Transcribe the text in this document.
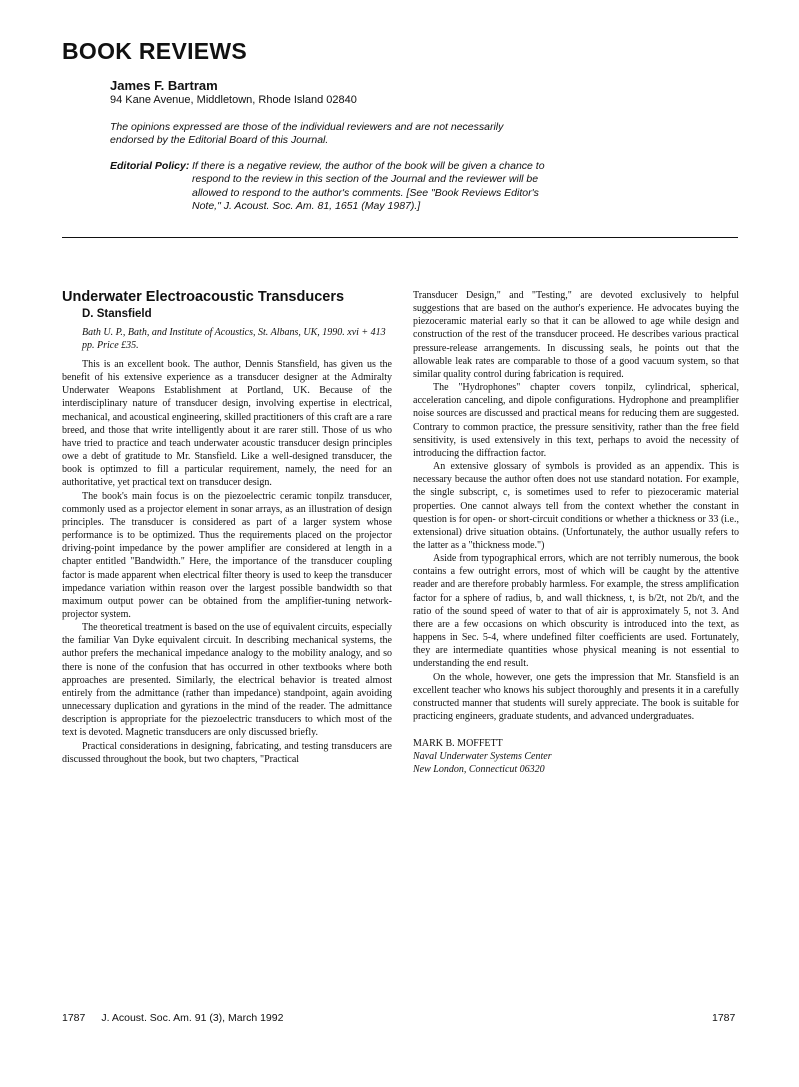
BOOK REVIEWS
James F. Bartram
94 Kane Avenue, Middletown, Rhode Island 02840
The opinions expressed are those of the individual reviewers and are not necessarily endorsed by the Editorial Board of this Journal.
Editorial Policy: If there is a negative review, the author of the book will be given a chance to respond to the review in this section of the Journal and the reviewer will be allowed to respond to the author's comments. [See "Book Reviews Editor's Note," J. Acoust. Soc. Am. 81, 1651 (May 1987).]
Underwater Electroacoustic Transducers
D. Stansfield
Bath U. P., Bath, and Institute of Acoustics, St. Albans, UK, 1990. xvi + 413 pp. Price £35.

This is an excellent book. The author, Dennis Stansfield, has given us the benefit of his extensive experience as a transducer designer at the Admiralty Underwater Weapons Establishment at Portland, UK. Because of the interdisciplinary nature of transducer design, involving expertise in electrical, mechanical, and acoustical engineering, skilled practitioners of this craft are a rare breed, and those that write intelligently about it are rarer still. Those of us who have tried to practice and teach underwater acoustic transducer design principles owe a debt of gratitude to Mr. Stansfield. Like a well-designed transducer, the book is optimzed to fill a particular requirement, namely, the need for an authoritative, yet practical text on transducer design.

The book's main focus is on the piezoelectric ceramic tonpilz transducer, commonly used as a projector element in sonar arrays, as an illustration of design principles. The transducer is considered as part of a larger system whose performance is to be optimized. Thus the requirements placed on the projector driving-point impedance by the power amplifier are considered at length in a chapter entitled "Bandwidth." Here, the importance of the transducer coupling factor is made apparent when electrical filter theory is used to keep the transducer impedance variation within reason over the largest possible bandwidth so that maximum output power can be obtained from the amplifier-tuning network-projector system.

The theoretical treatment is based on the use of equivalent circuits, especially the familiar Van Dyke equivalent circuit. In describing mechanical systems, the author prefers the mechanical impedance analogy to the mobility analogy, and so there is none of the confusion that has occurred in other textbooks where both approaches are presented. Similarly, the electrical behavior is treated almost entirely from the admittance (rather than impedance) standpoint, again avoiding unnecessary duplication and gyrations in the mind of the reader. The admittance description is appropriate for the piezoelectric transducers to which most of the text is devoted. Magnetic transducers are only discussed briefly.

Practical considerations in designing, fabricating, and testing transducers are discussed throughout the book, but two chapters, "Practical

Transducer Design," and "Testing," are devoted exclusively to helpful suggestions that are based on the author's experience. He advocates buying the piezoceramic material early so that it can be allowed to age while design and construction of the rest of the transducer proceed. He describes various practical pressure-release arrangements. In discussing seals, he points out that the allowable leak rates are comparable to those of a good vacuum system, so that similar quality control during fabrication is required.

The "Hydrophones" chapter covers tonpilz, cylindrical, spherical, acceleration canceling, and dipole configurations. Hydrophone and preamplifier noise sources are discussed and practical means for reducing them are suggested. Contrary to common practice, the pressure sensitivity, rather than the free field sensitivity, is used extensively in this text, perhaps to avoid the necessity of introducing the diffraction factor.

An extensive glossary of symbols is provided as an appendix. This is necessary because the author often does not use standard notation. For example, the single subscript, c, is sometimes used to refer to piezoceramic material properties. One cannot always tell from the context whether the constant in question is for open- or short-circuit conditions or whether a thickness or 33 (i.e., extensional) drive situation obtains. (Unfortunately, the author usually refers to the latter as a "thickness mode.")

Aside from typographical errors, which are not terribly numerous, the book contains a few outright errors, most of which will be caught by the attentive reader and are therefore probably harmless. For example, the stress amplification factor for a sphere of radius, b, and wall thickness, t, is b/2t, not 2b/t, and the ratio of the sound speed of water to that of air is approximately 5, not 3. And there are a few occasions on which obscurity is introduced into the text, as happens in Sec. 5-4, where undefined filter coefficients are used. Fortunately, they are intermediate quantities whose physical meaning is not essential to understanding the end result.

On the whole, however, one gets the impression that Mr. Stansfield is an excellent teacher who knows his subject thoroughly and presents it in a carefully constructed manner that students will surely appreciate. The book is suitable for practicing engineers, graduate students, and advanced undergraduates.

MARK B. MOFFETT
Naval Underwater Systems Center
New London, Connecticut 06320
1787 J. Acoust. Soc. Am. 91 (3), March 1992	1787
